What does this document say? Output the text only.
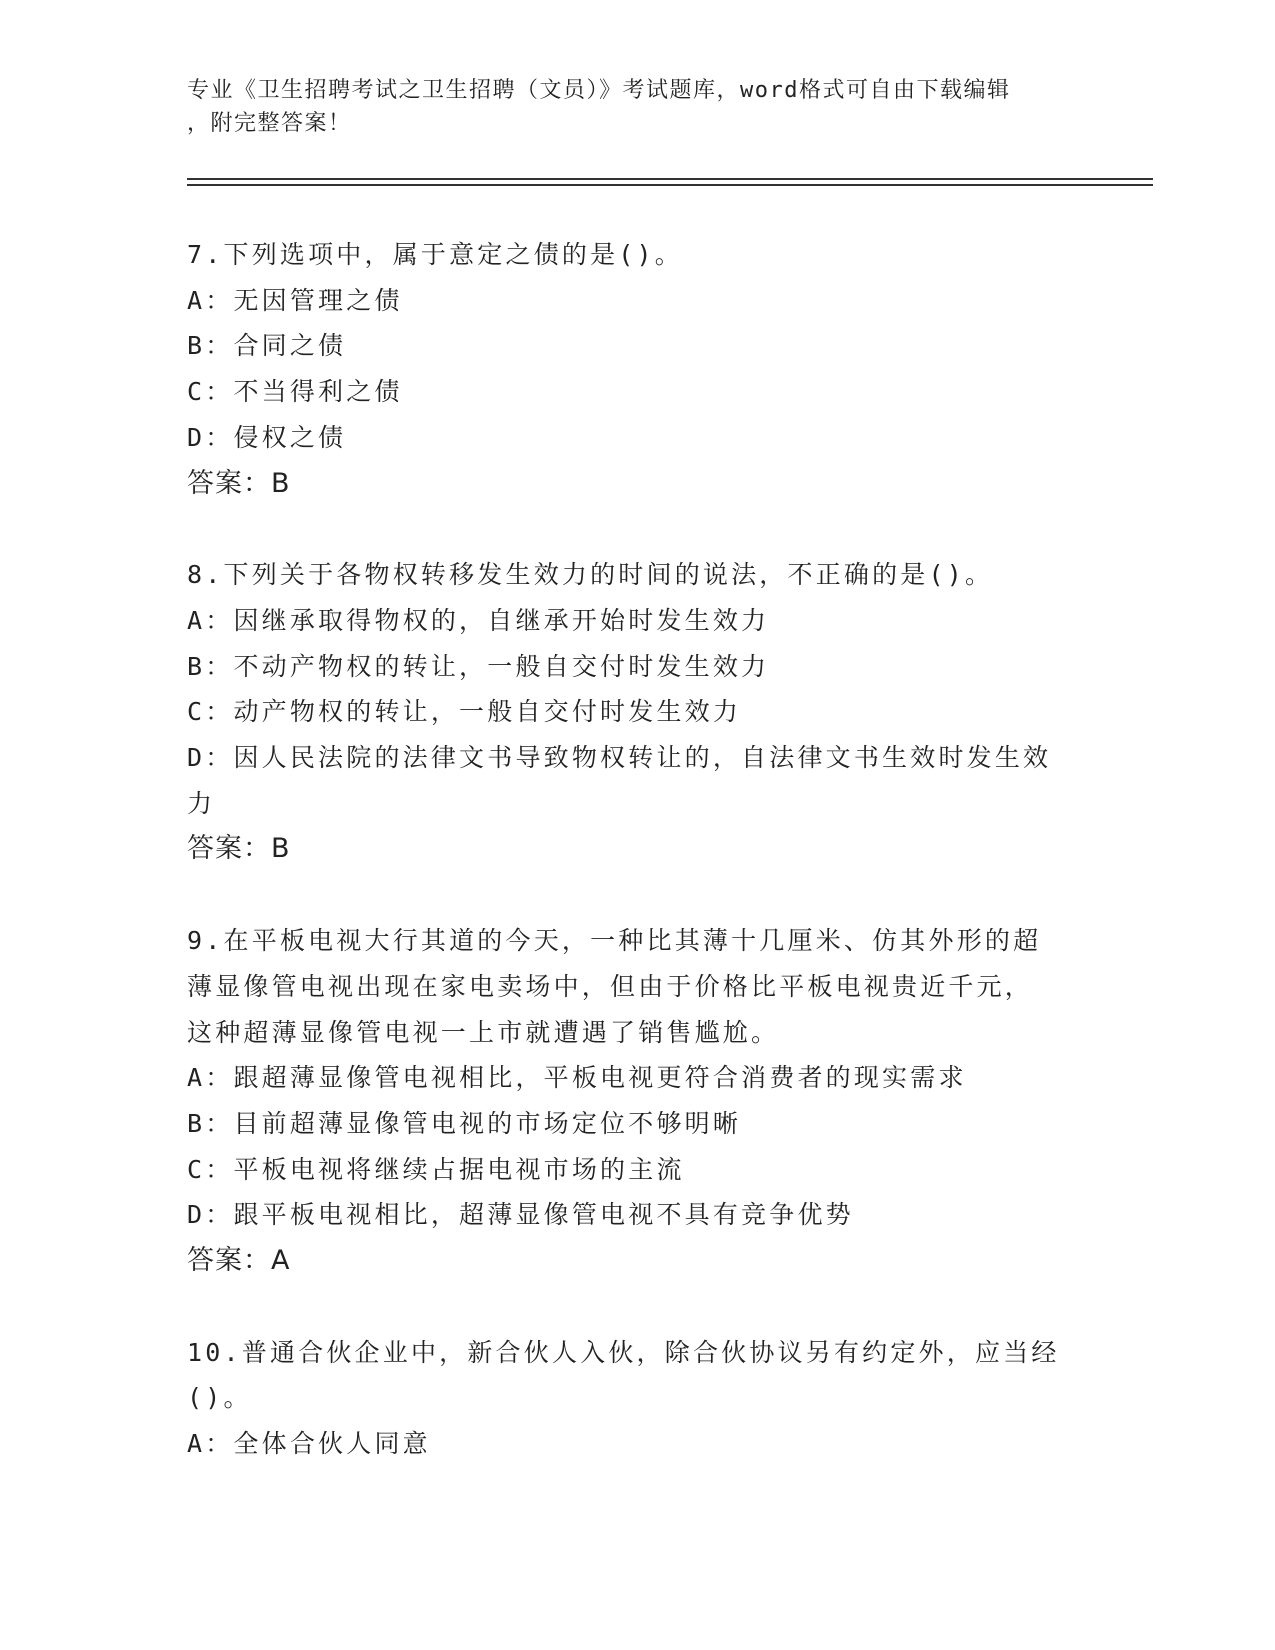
专业《卫生招聘考试之卫生招聘（文员）》考试题库，word格式可自由下载编辑
，附完整答案！

7.下列选项中，属于意定之债的是()。

A：无因管理之债

B：合同之债

C：不当得利之债

D：侵权之债

答案：B

8.下列关于各物权转移发生效力的时间的说法，不正确的是()。

A：因继承取得物权的，自继承开始时发生效力

B：不动产物权的转让，一般自交付时发生效力

C：动产物权的转让，一般自交付时发生效力

D：因人民法院的法律文书导致物权转让的，自法律文书生效时发生效

力

答案：B

9.在平板电视大行其道的今天，一种比其薄十几厘米、仿其外形的超

薄显像管电视出现在家电卖场中，但由于价格比平板电视贵近千元，

这种超薄显像管电视一上市就遭遇了销售尴尬。

A：跟超薄显像管电视相比，平板电视更符合消费者的现实需求

B：目前超薄显像管电视的市场定位不够明晰

C：平板电视将继续占据电视市场的主流

D：跟平板电视相比，超薄显像管电视不具有竞争优势

答案：A

10.普通合伙企业中，新合伙人入伙，除合伙协议另有约定外，应当经

()。

A：全体合伙人同意
